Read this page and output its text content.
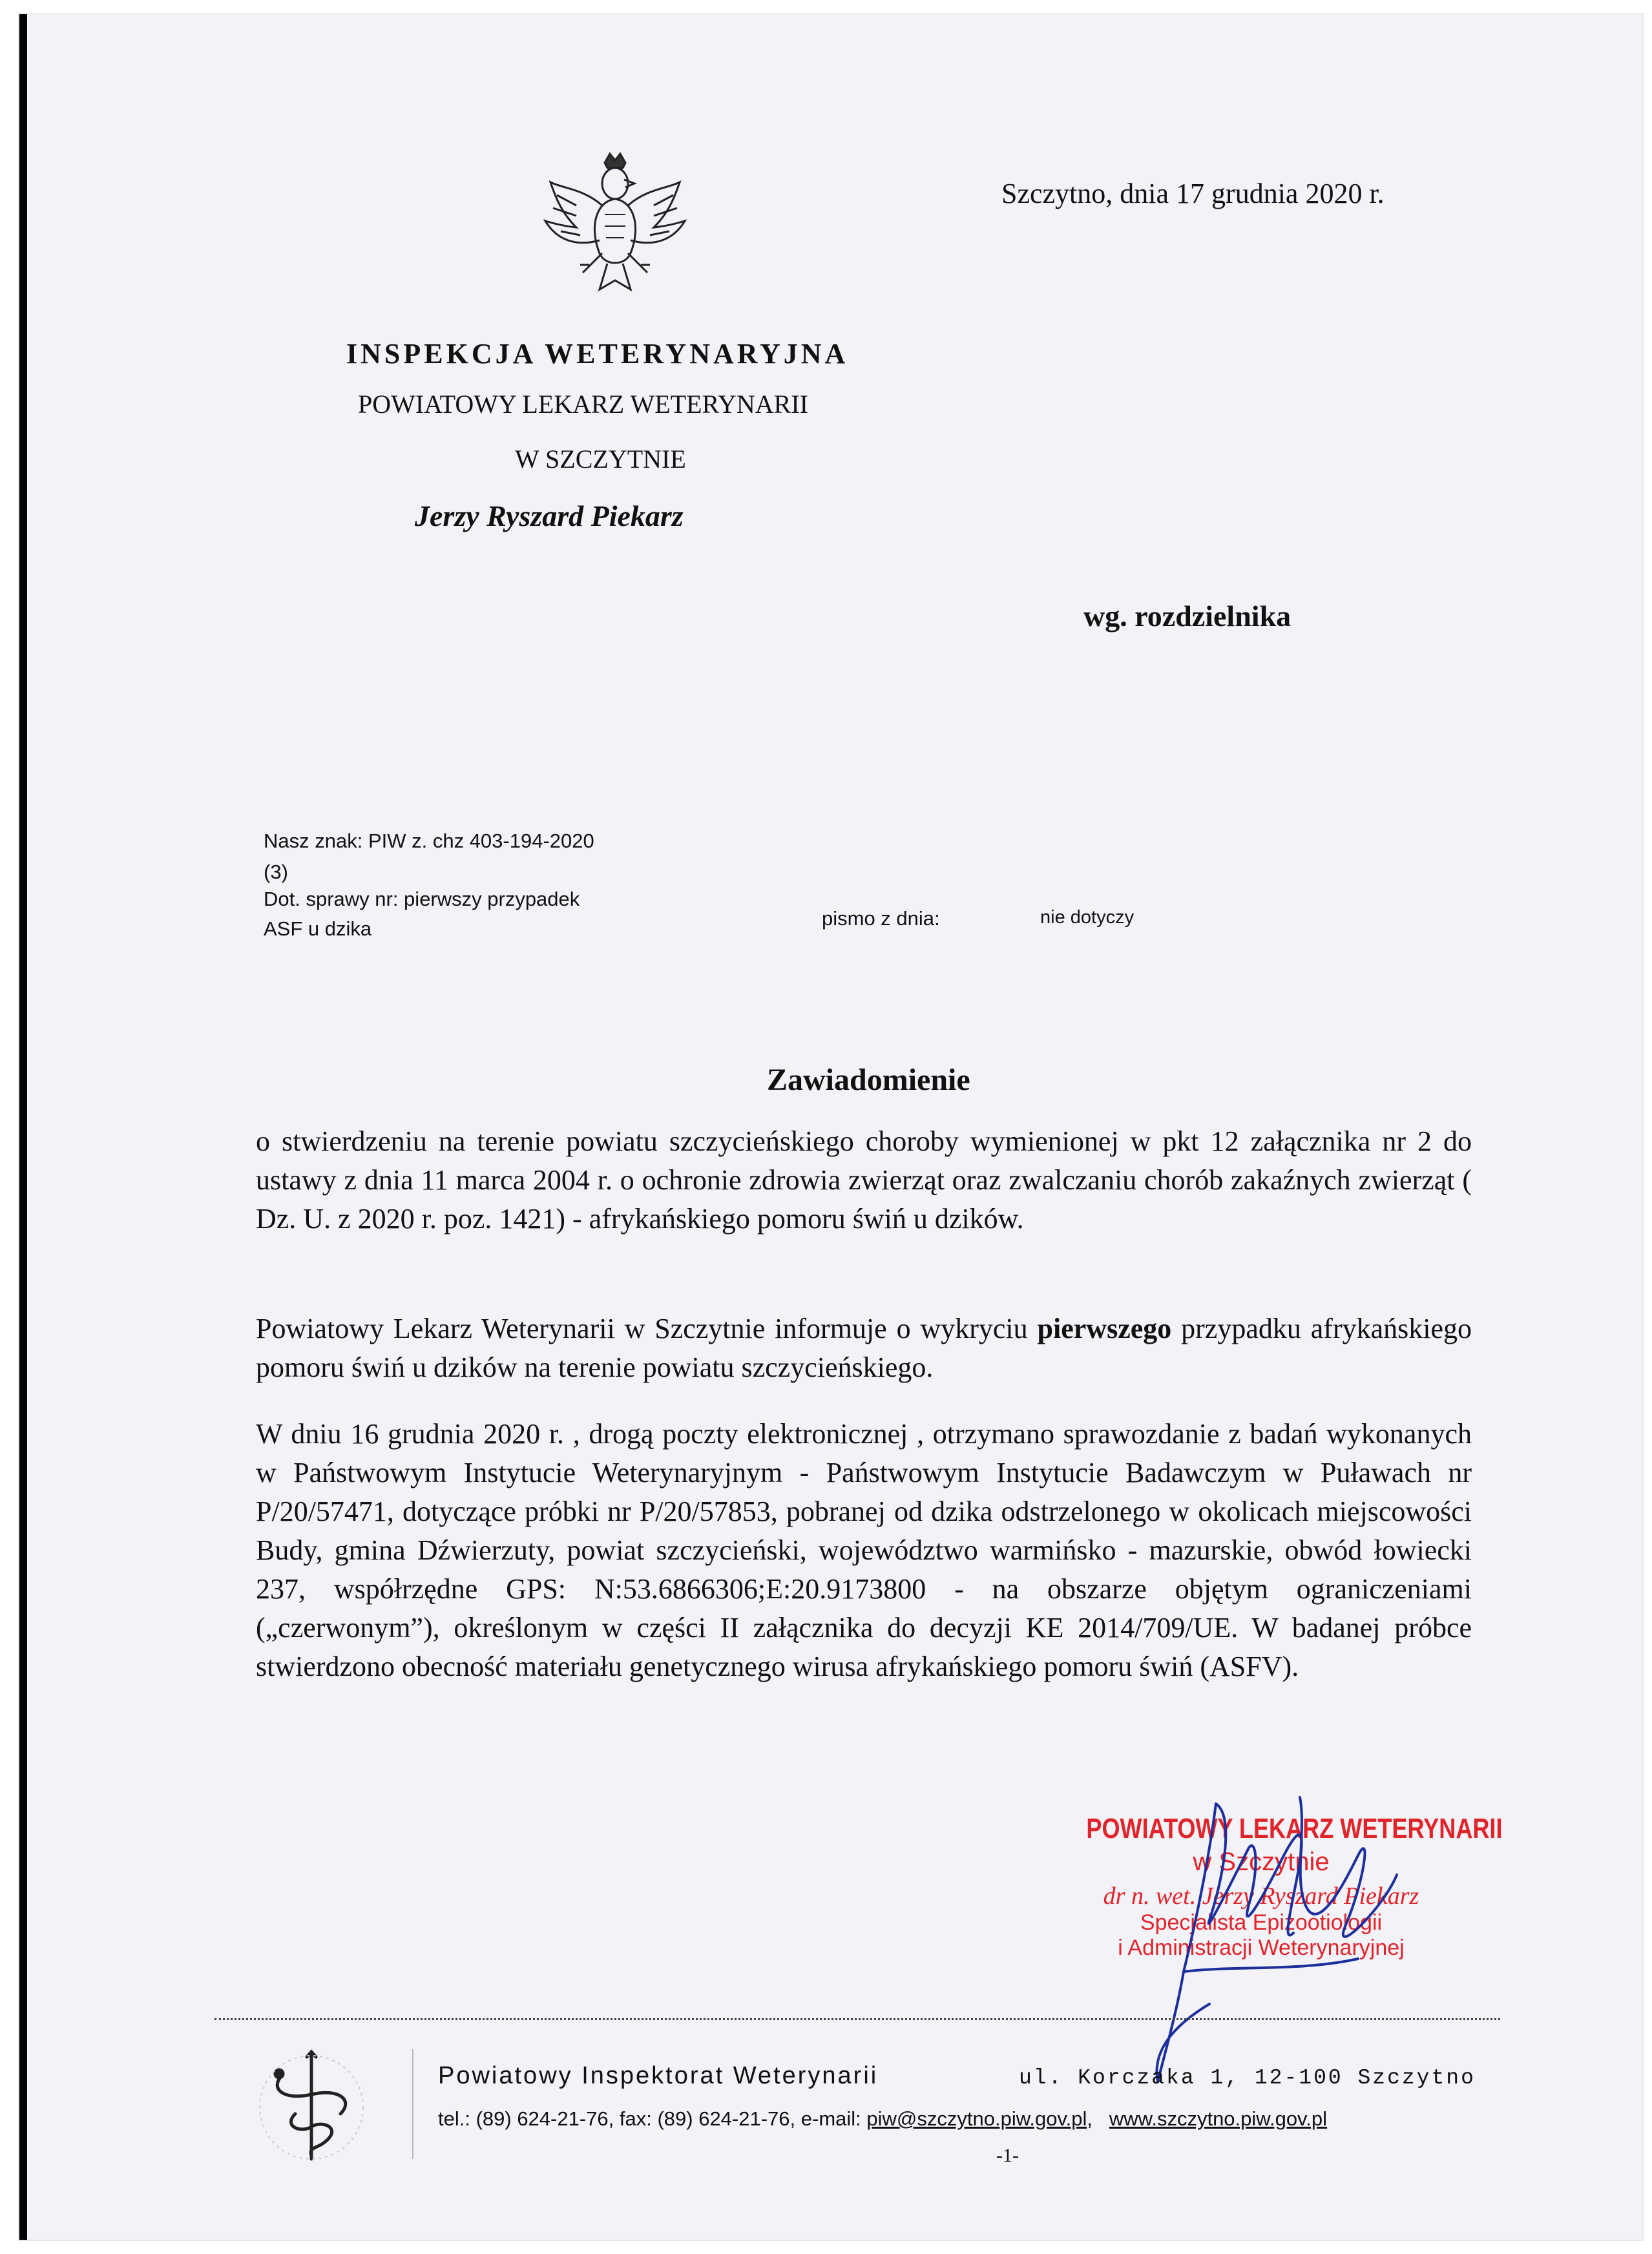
Szczytno, dnia 17 grudnia 2020 r.
INSPEKCJA WETERYNARYJNA
POWIATOWY LEKARZ WETERYNARII
W SZCZYTNIE
Jerzy Ryszard Piekarz
wg. rozdzielnika
Nasz znak: PIW z. chz 403-194-2020
(3)
Dot. sprawy nr: pierwszy przypadek
ASF u dzika	pismo z dnia:	nie dotyczy
Zawiadomienie
o stwierdzeniu na terenie powiatu szczycieńskiego choroby wymienionej w pkt 12 załącznika nr 2 do ustawy z dnia 11 marca 2004 r. o ochronie zdrowia zwierząt oraz zwalczaniu chorób zakaźnych zwierząt ( Dz. U. z 2020 r. poz. 1421) - afrykańskiego pomoru świń u dzików.
Powiatowy Lekarz Weterynarii w Szczytnie informuje o wykryciu pierwszego przypadku afrykańskiego pomoru świń u dzików na terenie powiatu szczycieńskiego.
W dniu 16 grudnia 2020 r. , drogą poczty elektronicznej , otrzymano sprawozdanie z badań wykonanych w Państwowym Instytucie Weterynaryjnym - Państwowym Instytucie Badawczym w Puławach nr P/20/57471, dotyczące próbki nr P/20/57853, pobranej od dzika odstrzelonego w okolicach miejscowości Budy, gmina Dźwierzuty, powiat szczycieński, województwo warmińsko - mazurskie, obwód łowiecki 237, współrzędne GPS: N:53.6866306;E:20.9173800 - na obszarze objętym ograniczeniami („czerwonym”), określonym w części II załącznika do decyzji KE 2014/709/UE. W badanej próbce stwierdzono obecność materiału genetycznego wirusa afrykańskiego pomoru świń (ASFV).
POWIATOWY LEKARZ WETERYNARII
w Szczytnie
dr n. wet. Jerzy Ryszard Piekarz
Specjalista Epizootiologii
i Administracji Weterynaryjnej
Powiatowy Inspektorat Weterynarii	ul. Korczaka 1, 12-100 Szczytno
tel.: (89) 624-21-76, fax: (89) 624-21-76, e-mail: piw@szczytno.piw.gov.pl, www.szczytno.piw.gov.pl
-1-
